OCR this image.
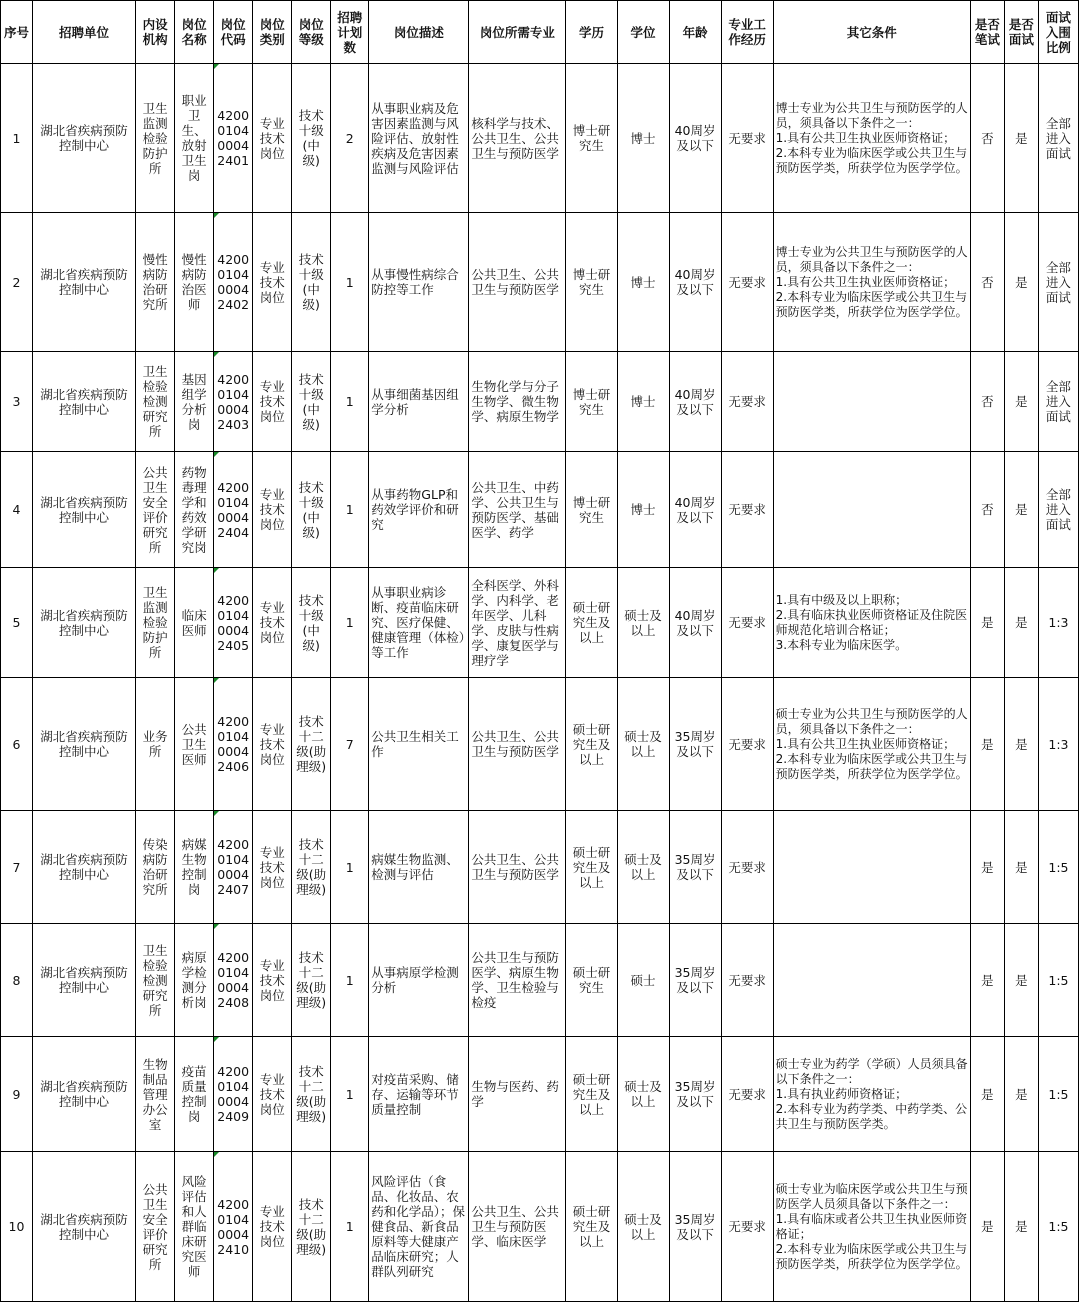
序号	招聘单位	内设机构	岗位名称	岗位代码	岗位类别	岗位等级	招聘计划数	岗位描述	岗位所需专业	学历	学位	年龄	专业工作经历	其它条件	是否笔试	是否面试	面试入围比例
1	湖北省疾病预防控制中心	卫生监测检验防护所	职业卫生、放射卫生岗	4200010400042401	专业技术岗位	技术十级(中级)	2	从事职业病及危害因素监测与风险评估、放射性疾病及危害因素监测与风险评估	核科学与技术、公共卫生、公共卫生与预防医学	博士研究生	博士	40周岁及以下	无要求	博士专业为公共卫生与预防医学的人员，须具备以下条件之一：
1.具有公共卫生执业医师资格证；
2.本科专业为临床医学或公共卫生与预防医学类，所获学位为医学学位。	否	是	全部进入面试
2	湖北省疾病预防控制中心	慢性病防治研究所	慢性病防治医师	4200010400042402	专业技术岗位	技术十级(中级)	1	从事慢性病综合防控等工作	公共卫生、公共卫生与预防医学	博士研究生	博士	40周岁及以下	无要求	博士专业为公共卫生与预防医学的人员，须具备以下条件之一：
1.具有公共卫生执业医师资格证；
2.本科专业为临床医学或公共卫生与预防医学类，所获学位为医学学位。	否	是	全部进入面试
3	湖北省疾病预防控制中心	卫生检验检测研究所	基因组学分析岗	4200010400042403	专业技术岗位	技术十级(中级)	1	从事细菌基因组学分析	生物化学与分子生物学、微生物学、病原生物学	博士研究生	博士	40周岁及以下	无要求		否	是	全部进入面试
4	湖北省疾病预防控制中心	公共卫生安全评价研究所	药物毒理学和药效学研究岗	4200010400042404	专业技术岗位	技术十级(中级)	1	从事药物GLP和药效学评价和研究	公共卫生、中药学、公共卫生与预防医学、基础医学、药学	博士研究生	博士	40周岁及以下	无要求		否	是	全部进入面试
5	湖北省疾病预防控制中心	卫生监测检验防护所	临床医师	4200010400042405	专业技术岗位	技术十级(中级)	1	从事职业病诊断、疫苗临床研究、医疗保健、健康管理（体检）等工作	全科医学、外科学、内科学、老年医学、儿科学、皮肤与性病学、康复医学与理疗学	硕士研究生及以上	硕士及以上	40周岁及以下	无要求	1.具有中级及以上职称；
2.具有临床执业医师资格证及住院医师规范化培训合格证；
3.本科专业为临床医学。	是	是	1:3
6	湖北省疾病预防控制中心	业务所	公共卫生医师	4200010400042406	专业技术岗位	技术十二级(助理级)	7	公共卫生相关工作	公共卫生、公共卫生与预防医学	硕士研究生及以上	硕士及以上	35周岁及以下	无要求	硕士专业为公共卫生与预防医学的人员，须具备以下条件之一：
1.具有公共卫生执业医师资格证；
2.本科专业为临床医学或公共卫生与预防医学类，所获学位为医学学位。	是	是	1:3
7	湖北省疾病预防控制中心	传染病防治研究所	病媒生物控制岗	4200010400042407	专业技术岗位	技术十二级(助理级)	1	病媒生物监测、检测与评估	公共卫生、公共卫生与预防医学	硕士研究生及以上	硕士及以上	35周岁及以下	无要求		是	是	1:5
8	湖北省疾病预防控制中心	卫生检验检测研究所	病原学检测分析岗	4200010400042408	专业技术岗位	技术十二级(助理级)	1	从事病原学检测分析	公共卫生与预防医学、病原生物学、卫生检验与检疫	硕士研究生	硕士	35周岁及以下	无要求		是	是	1:5
9	湖北省疾病预防控制中心	生物制品管理办公室	疫苗质量控制岗	4200010400042409	专业技术岗位	技术十二级(助理级)	1	对疫苗采购、储存、运输等环节质量控制	生物与医药、药学	硕士研究生及以上	硕士及以上	35周岁及以下	无要求	硕士专业为药学（学硕）人员须具备以下条件之一：
1.具有执业药师资格证；
2.本科专业为药学类、中药学类、公共卫生与预防医学类。	是	是	1:5
10	湖北省疾病预防控制中心	公共卫生安全评价研究所	风险评估和人群临床研究医师	4200010400042410	专业技术岗位	技术十二级(助理级)	1	风险评估（食品、化妆品、农药和化学品）；保健食品、新食品原料等大健康产品临床研究；人群队列研究	公共卫生、公共卫生与预防医学、临床医学	硕士研究生及以上	硕士及以上	35周岁及以下	无要求	硕士专业为临床医学或公共卫生与预防医学人员须具备以下条件之一：
1.具有临床或者公共卫生执业医师资格证；
2.本科专业为临床医学或公共卫生与预防医学类，所获学位为医学学位。	是	是	1:5
